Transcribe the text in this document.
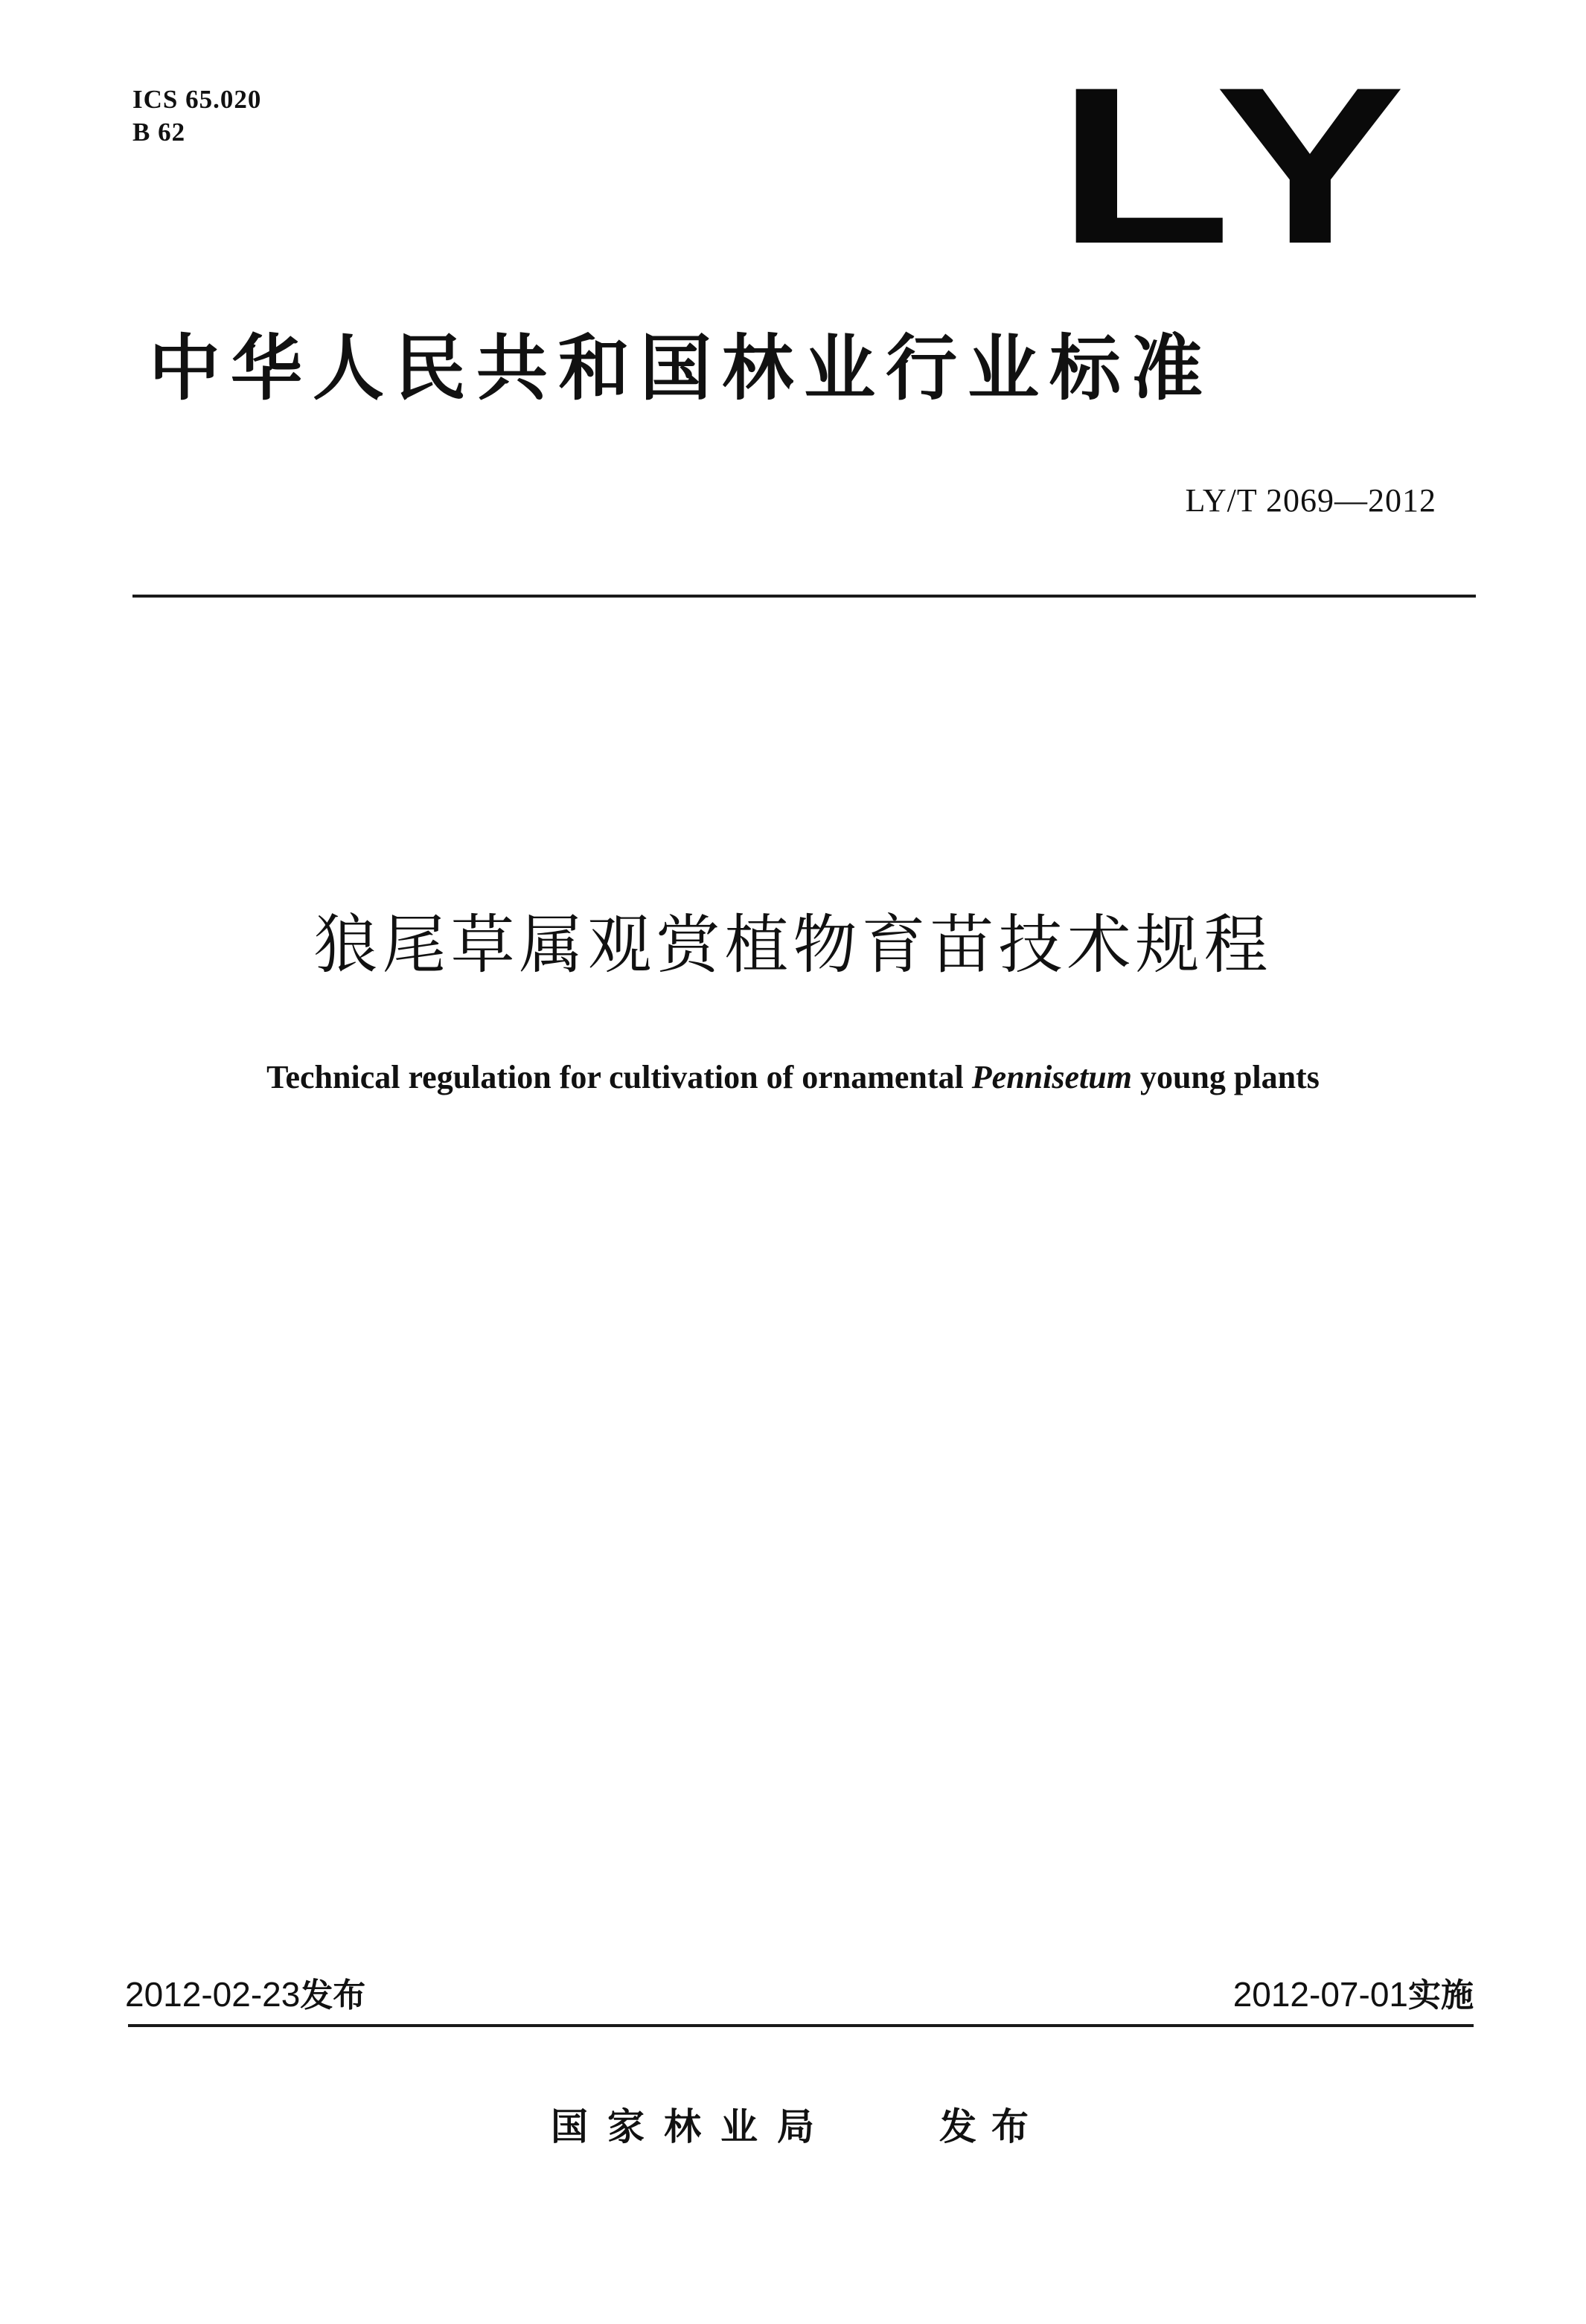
ICS 65.020
B 62	LY
中华人民共和国林业行业标准
LY/T 2069—2012
狼尾草属观赏植物育苗技术规程
Technical regulation for cultivation of ornamental Pennisetum young plants
2012-02-23发布	2012-07-01实施
国家林业局	发布
